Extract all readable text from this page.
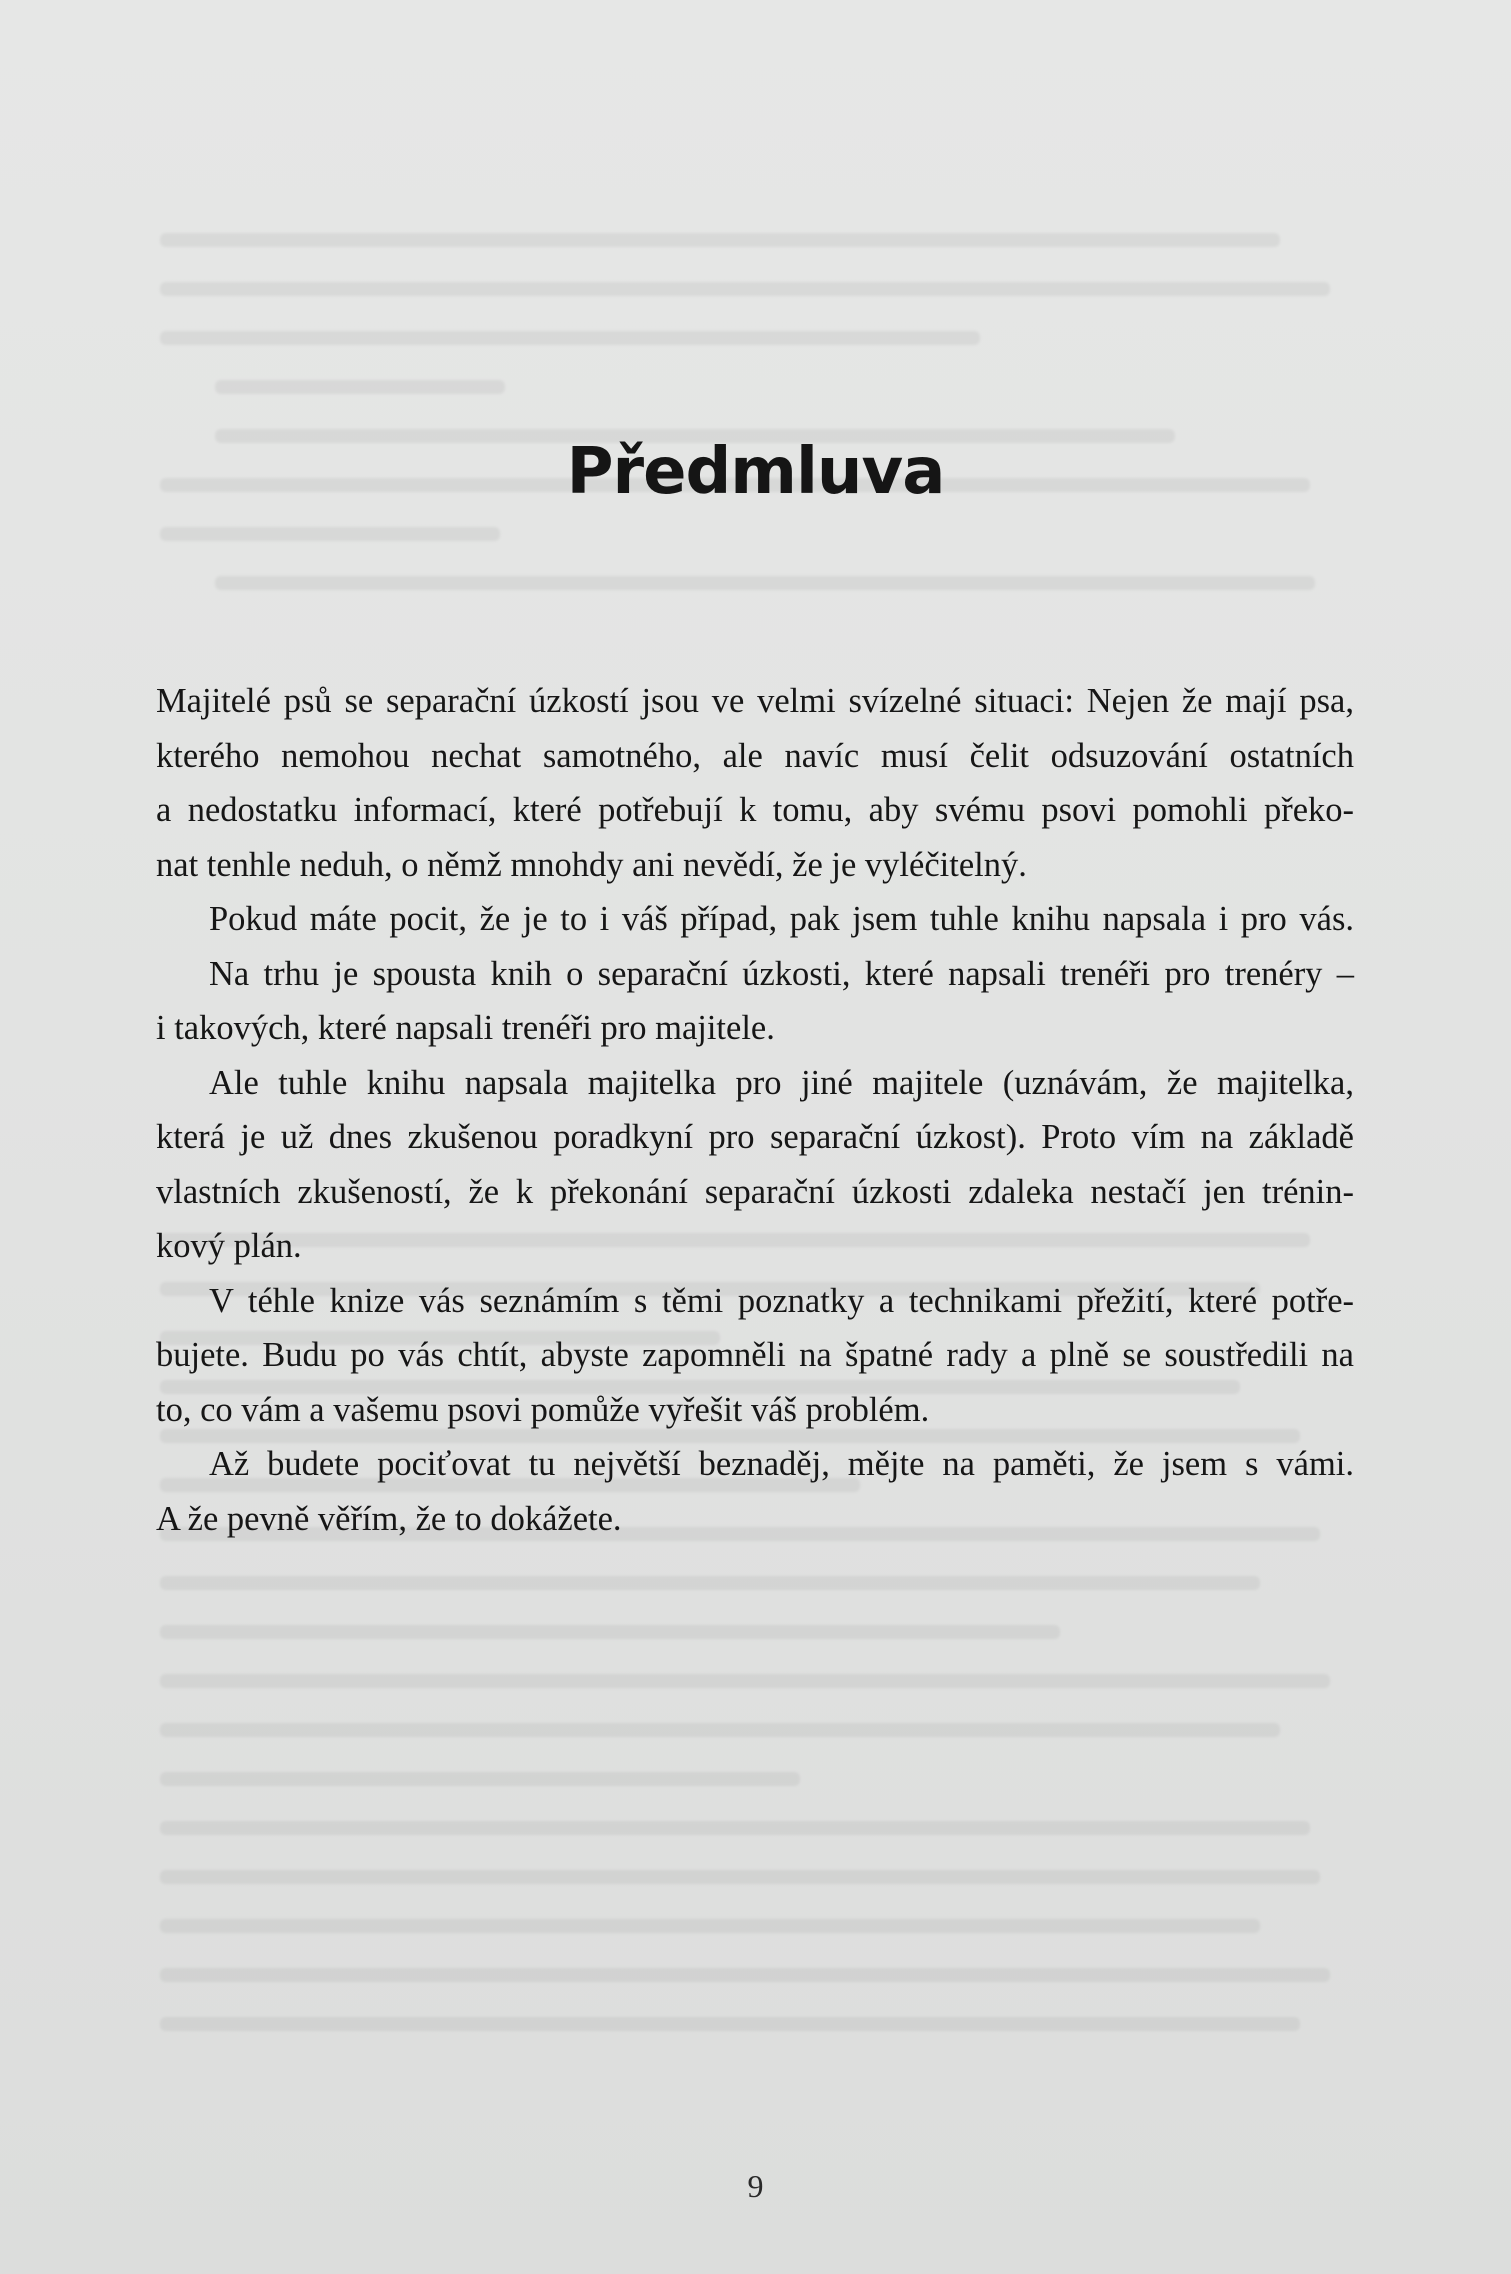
Předmluva

Majitelé psů se separační úzkostí jsou ve velmi svízelné situaci: Nejen že mají psa,
kterého nemohou nechat samotného, ale navíc musí čelit odsuzování ostatních
a nedostatku informací, které potřebují k tomu, aby svému psovi pomohli překo-
nat tenhle neduh, o němž mnohdy ani nevědí, že je vyléčitelný.

Pokud máte pocit, že je to i váš případ, pak jsem tuhle knihu napsala i pro vás.

Na trhu je spousta knih o separační úzkosti, které napsali trenéři pro trenéry –
i takových, které napsali trenéři pro majitele.

Ale tuhle knihu napsala majitelka pro jiné majitele (uznávám, že majitelka,
která je už dnes zkušenou poradkyní pro separační úzkost). Proto vím na základě
vlastních zkušeností, že k překonání separační úzkosti zdaleka nestačí jen trénin-
kový plán.

V téhle knize vás seznámím s těmi poznatky a technikami přežití, které potře-
bujete. Budu po vás chtít, abyste zapomněli na špatné rady a plně se soustředili na
to, co vám a vašemu psovi pomůže vyřešit váš problém.

Až budete pociťovat tu největší beznaděj, mějte na paměti, že jsem s vámi.
A že pevně věřím, že to dokážete.

9
